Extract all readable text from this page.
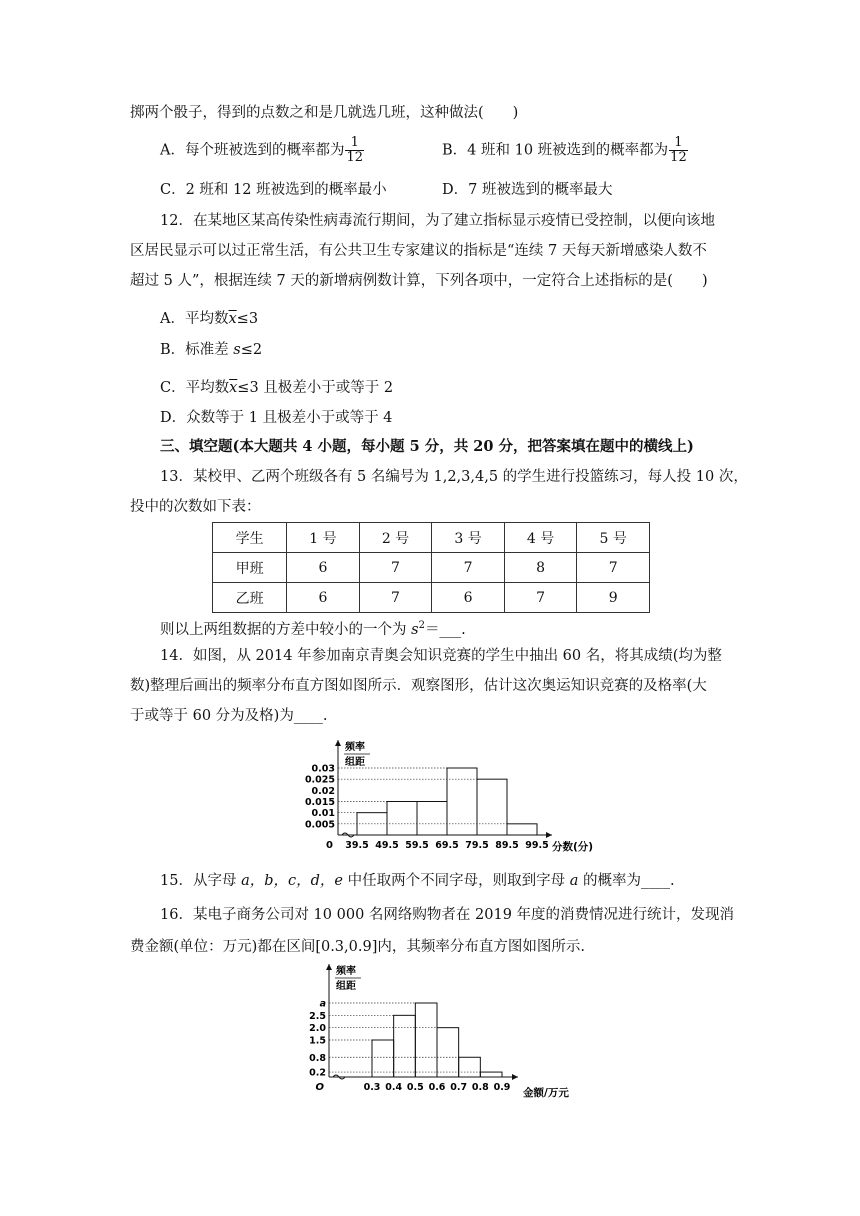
掷两个骰子，得到的点数之和是几就选几班，这种做法(　　)
A．每个班被选到的概率都为 $\frac{1}{12}$	B．4 班和 10 班被选到的概率都为 $\frac{1}{12}$
C．2 班和 12 班被选到的概率最小	D．7 班被选到的概率最大
12．在某地区某高传染性病毒流行期间，为了建立指标显示疫情已受控制，以便向该地
区居民显示可以过正常生活，有公共卫生专家建议的指标是“连续 7 天每天新增感染人数不
超过 5 人”，根据连续 7 天的新增病例数计算，下列各项中，一定符合上述指标的是(　　)
A．平均数$\overline{x}\le 3$
B．标准差 s≤2
C．平均数$\overline{x}\le 3$ 且极差小于或等于 2
D．众数等于 1 且极差小于或等于 4
三、填空题(本大题共 4 小题，每小题 5 分，共 20 分，把答案填在题中的横线上)
13．某校甲、乙两个班级各有 5 名编号为 1,2,3,4,5 的学生进行投篮练习，每人投 10 次，
投中的次数如下表：
学生	1 号	2 号	3 号	4 号	5 号
甲班	6	7	7	8	7
乙班	6	7	6	7	9
则以上两组数据的方差中较小的一个为 $s^2=\_\_\_$.
14．如图，从 2014 年参加南京青奥会知识竞赛的学生中抽出 60 名，将其成绩(均为整
数)整理后画出的频率分布直方图如图所示．观察图形，估计这次奥运知识竞赛的及格率(大
于或等于 60 分为及格)为____.
频率
组距
0.005
0.01
0.015
0.02
0.025
0.03
0 39.5 49.5 59.5 69.5 79.5 89.5 99.5 分数(分)
15．从字母 a，b，c，d，e 中任取两个不同字母，则取到字母 a 的概率为____.
16．某电子商务公司对 10 000 名网络购物者在 2019 年度的消费情况进行统计，发现消
费金额(单位：万元)都在区间[0.3,0.9]内，其频率分布直方图如图所示.
频率
组距
0.2
0.8
1.5
2.0
2.5
a
O	0.3 0.4 0.5 0.6 0.7 0.8 0.9 金额/万元
